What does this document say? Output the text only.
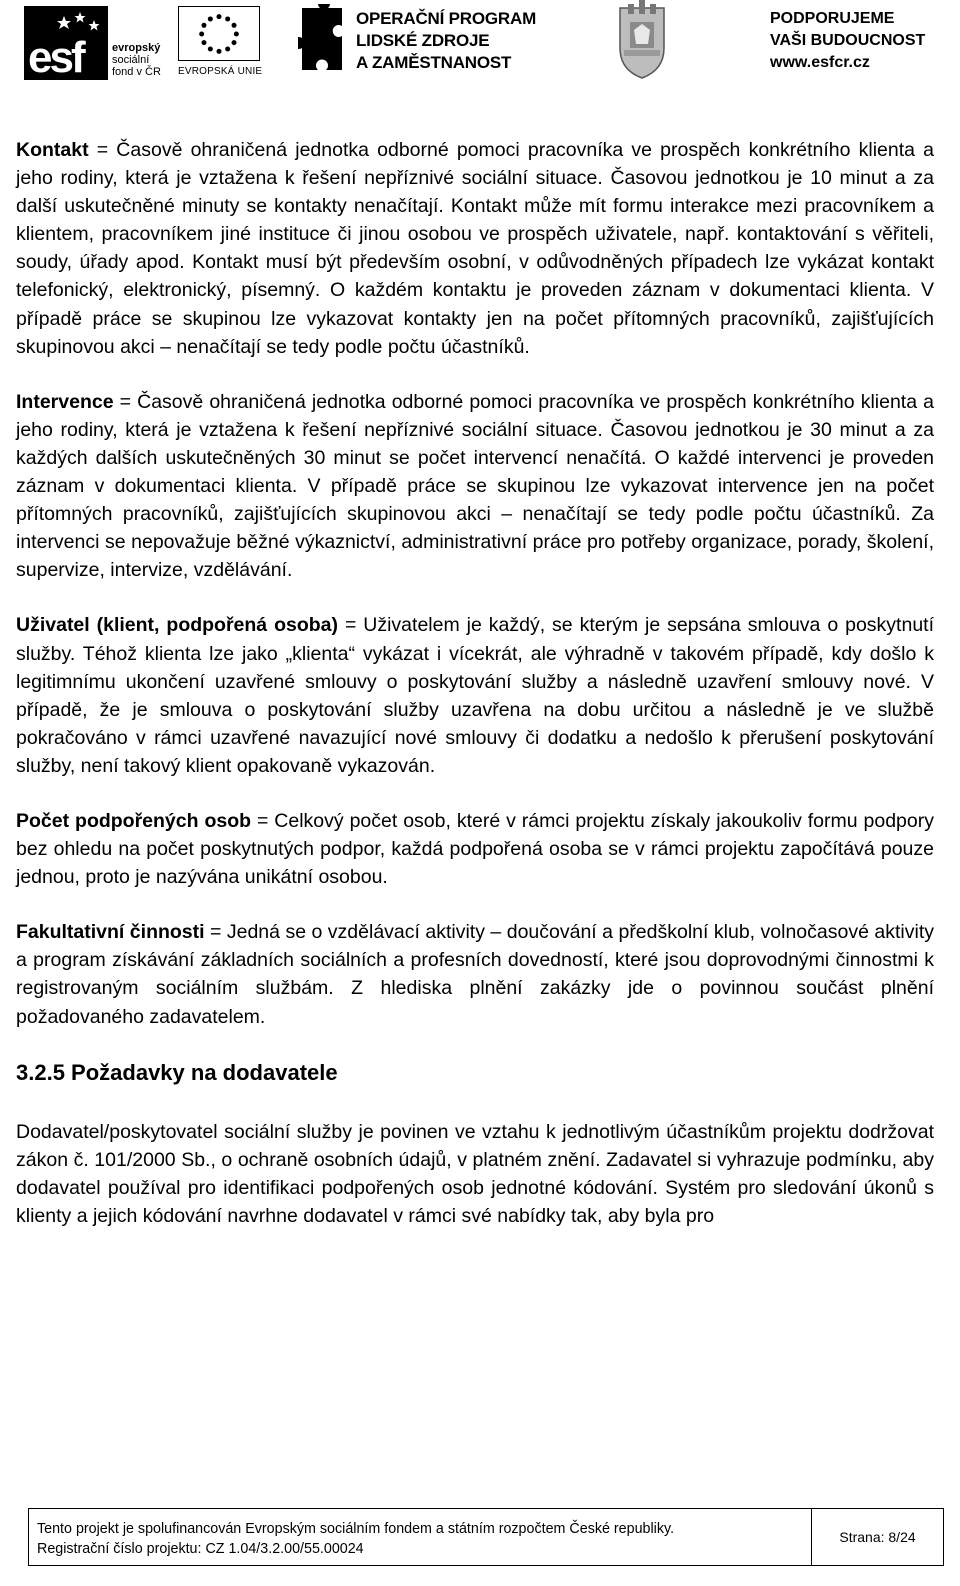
esf	evropský
sociální
fond v ČR EVROPSKÁ UNIE
OPERAČNÍ PROGRAM
LIDSKÉ ZDROJE
A ZAMĚSTNANOST
PODPORUJEME
VAŠI BUDOUCNOST
www.esfcr.cz

Kontakt = Časově ohraničená jednotka odborné pomoci pracovníka ve prospěch konkrétního klienta a jeho rodiny, která je vztažena k řešení nepříznivé sociální situace. Časovou jednotkou je 10 minut a za další uskutečněné minuty se kontakty nenačítají. Kontakt může mít formu interakce mezi pracovníkem a klientem, pracovníkem jiné instituce či jinou osobou ve prospěch uživatele, např. kontaktování s věřiteli, soudy, úřady apod. Kontakt musí být především osobní, v odůvodněných případech lze vykázat kontakt telefonický, elektronický, písemný. O každém kontaktu je proveden záznam v dokumentaci klienta. V případě práce se skupinou lze vykazovat kontakty jen na počet přítomných pracovníků, zajišťujících skupinovou akci – nenačítají se tedy podle počtu účastníků.

Intervence = Časově ohraničená jednotka odborné pomoci pracovníka ve prospěch konkrétního klienta a jeho rodiny, která je vztažena k řešení nepříznivé sociální situace. Časovou jednotkou je 30 minut a za každých dalších uskutečněných 30 minut se počet intervencí nenačítá. O každé intervenci je proveden záznam v dokumentaci klienta. V případě práce se skupinou lze vykazovat intervence jen na počet přítomných pracovníků, zajišťujících skupinovou akci – nenačítají se tedy podle počtu účastníků. Za intervenci se nepovažuje běžné výkaznictví, administrativní práce pro potřeby organizace, porady, školení, supervize, intervize, vzdělávání.

Uživatel (klient, podpořená osoba) = Uživatelem je každý, se kterým je sepsána smlouva o poskytnutí služby. Téhož klienta lze jako „klienta“ vykázat i vícekrát, ale výhradně v takovém případě, kdy došlo k legitimnímu ukončení uzavřené smlouvy o poskytování služby a následně uzavření smlouvy nové. V případě, že je smlouva o poskytování služby uzavřena na dobu určitou a následně je ve službě pokračováno v rámci uzavřené navazující nové smlouvy či dodatku a nedošlo k přerušení poskytování služby, není takový klient opakovaně vykazován.

Počet podpořených osob = Celkový počet osob, které v rámci projektu získaly jakoukoliv formu podpory bez ohledu na počet poskytnutých podpor, každá podpořená osoba se v rámci projektu započítává pouze jednou, proto je nazývána unikátní osobou.

Fakultativní činnosti = Jedná se o vzdělávací aktivity – doučování a předškolní klub, volnočasové aktivity a program získávání základních sociálních a profesních dovedností, které jsou doprovodnými činnostmi k registrovaným sociálním službám. Z hlediska plnění zakázky jde o povinnou součást plnění požadovaného zadavatelem.

3.2.5 Požadavky na dodavatele

Dodavatel/poskytovatel sociální služby je povinen ve vztahu k jednotlivým účastníkům projektu dodržovat zákon č. 101/2000 Sb., o ochraně osobních údajů, v platném znění. Zadavatel si vyhrazuje podmínku, aby dodavatel používal pro identifikaci podpořených osob jednotné kódování. Systém pro sledování úkonů s klienty a jejich kódování navrhne dodavatel v rámci své nabídky tak, aby byla pro

Tento projekt je spolufinancován Evropským sociálním fondem a státním rozpočtem České republiky.
Registrační číslo projektu: CZ 1.04/3.2.00/55.00024
Strana: 8/24
